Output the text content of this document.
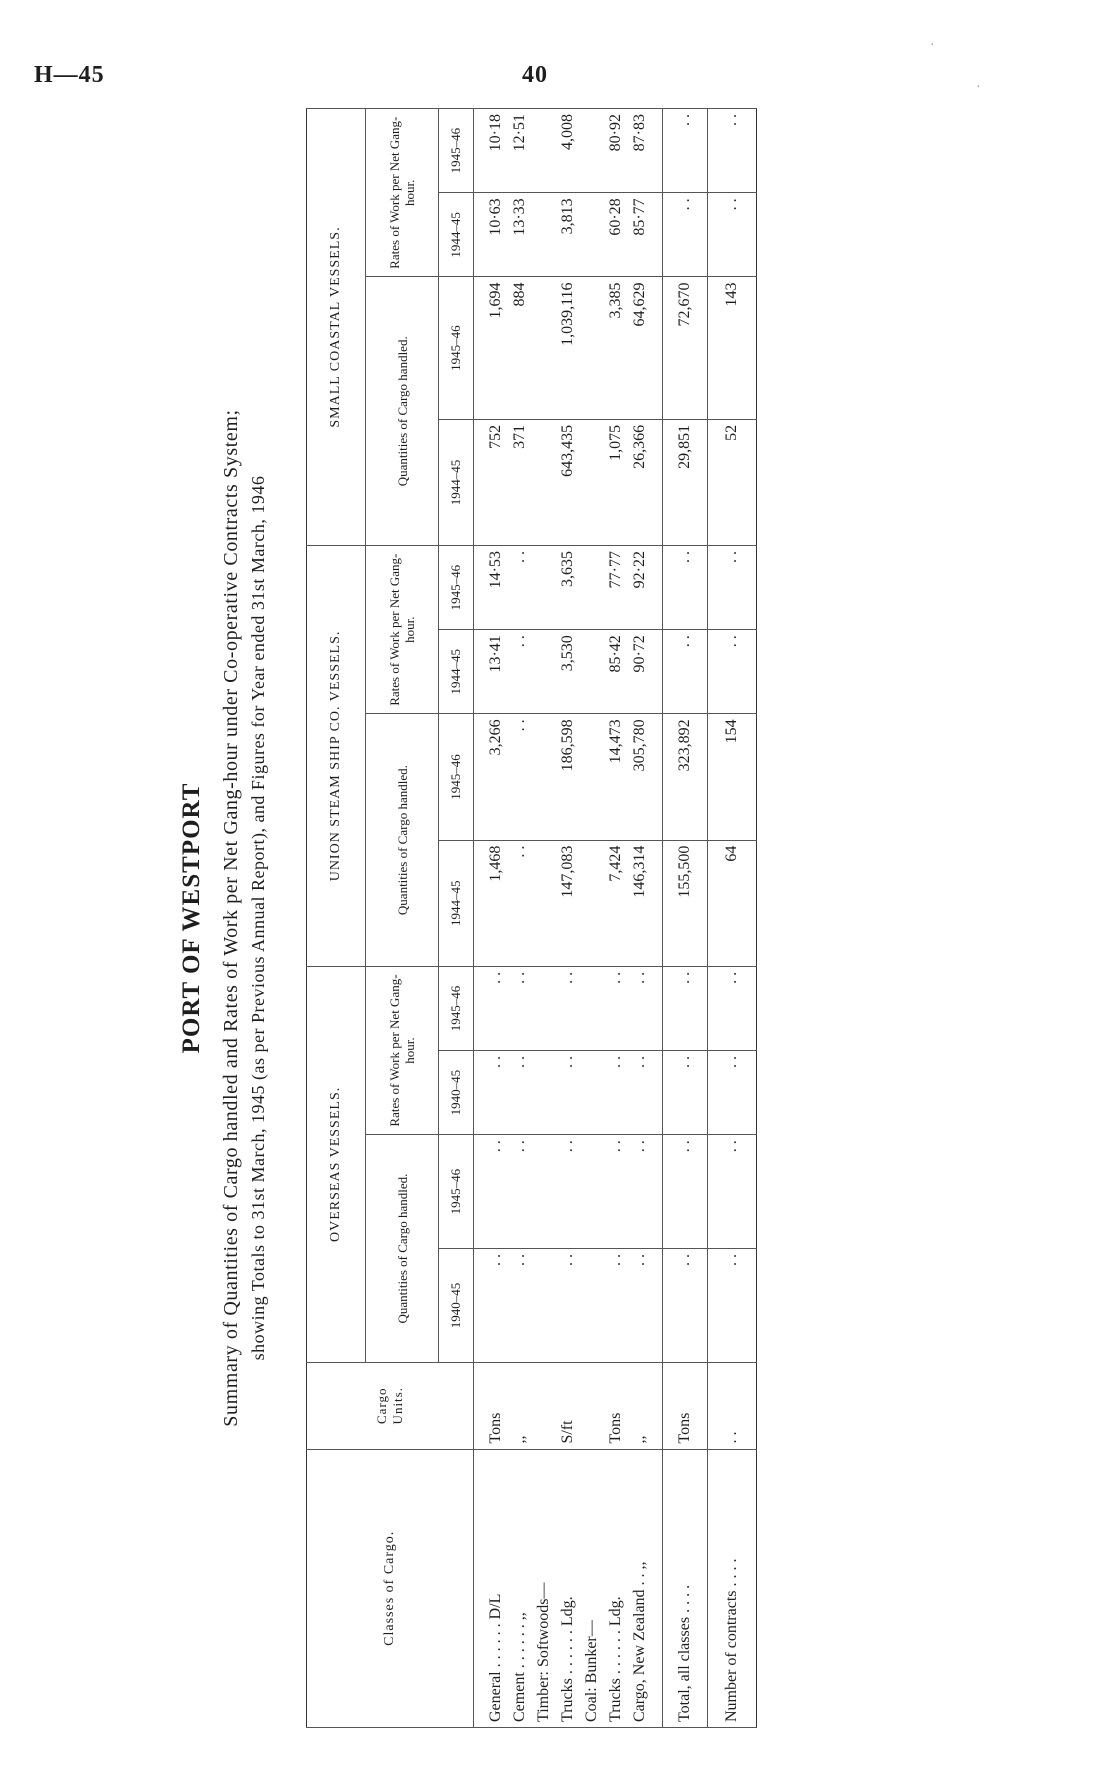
H—45	40
PORT OF WESTPORT Summary of Quantities of Cargo handled and Rates of Work per Net Gang-hour under Co-operative Contracts System; showing Totals to 31st March, 1945 (as per Previous Annual Report), and Figures for Year ended 31st March, 1946
Classes of Cargo.	Cargo Units.	OVERSEAS VESSELS.				UNION STEAM SHIP CO. VESSELS.				SMALL COASTAL VESSELS.			
		Quantities of Cargo handled.		Rates of Work per Net Gang-hour.		Quantities of Cargo handled.		Rates of Work per Net Gang-hour.		Quantities of Cargo handled.		Rates of Work per Net Gang-hour.	
		1940–45	1945–46	1940–45	1945–46	1944–45	1945–46	1944–45	1945–46	1944–45	1945–46	1944–45	1945–46

General . . . . . . D/L	Tons	. .	. .	. .	. .	1,468	3,266	13·41	14·53	752	1,694	10·63	10·18
Cement . . . . . . ,,	,,	. .	. .	. .	. .	. .	. .	. .	. .	371	884	13·33	12·51
Timber: Softwoods—													
Trucks . . . . . . Ldg.	S/ft	. .	. .	. .	. .	147,083	186,598	3,530	3,635	643,435	1,039,116	3,813	4,008
Coal: Bunker—													
Trucks . . . . . . Ldg.	Tons	. .	. .	. .	. .	7,424	14,473	85·42	77·77	1,075	3,385	60·28	80·92
Cargo, New Zealand . . ,,	,,	. .	. .	. .	. .	146,314	305,780	90·72	92·22	26,366	64,629	85·77	87·83

Total, all classes . . . .	Tons	. .	. .	. .	. .	155,500	323,892	. .	. .	29,851	72,670	. .	. .
Number of contracts . . . .	. .	. .	. .	. .	. .	64	154	. .	. .	52	143	. .	. .
·
·
